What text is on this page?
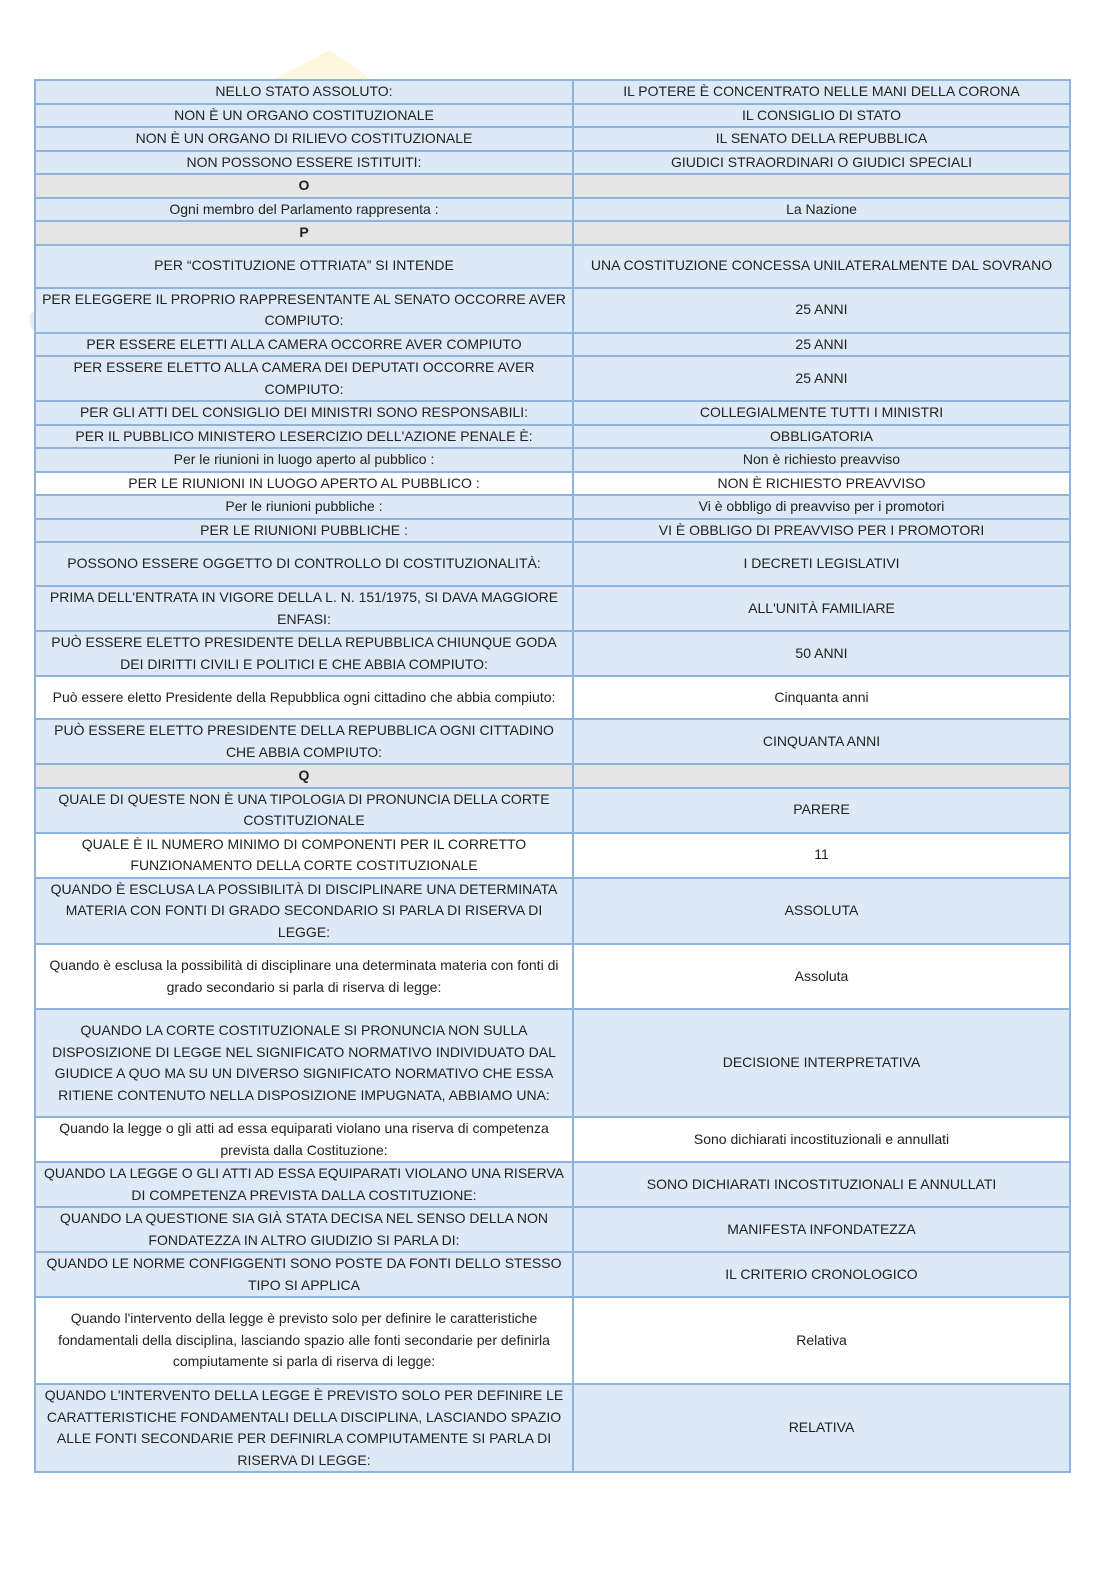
NELLO STATO ASSOLUTO:	IL POTERE È CONCENTRATO NELLE MANI DELLA CORONA
NON È UN ORGANO COSTITUZIONALE	IL CONSIGLIO DI STATO
NON È UN ORGANO DI RILIEVO COSTITUZIONALE	IL SENATO DELLA REPUBBLICA
NON POSSONO ESSERE ISTITUITI:	GIUDICI STRAORDINARI O GIUDICI SPECIALI
O	
Ogni membro del Parlamento rappresenta :	La Nazione
P	
PER “COSTITUZIONE OTTRIATA” SI INTENDE	UNA COSTITUZIONE CONCESSA UNILATERALMENTE DAL SOVRANO
PER ELEGGERE IL PROPRIO RAPPRESENTANTE AL SENATO OCCORRE AVER COMPIUTO:	25 ANNI
PER ESSERE ELETTI ALLA CAMERA OCCORRE AVER COMPIUTO	25 ANNI
PER ESSERE ELETTO ALLA CAMERA DEI DEPUTATI OCCORRE AVER COMPIUTO:	25 ANNI
PER GLI ATTI DEL CONSIGLIO DEI MINISTRI SONO RESPONSABILI:	COLLEGIALMENTE TUTTI I MINISTRI
PER IL PUBBLICO MINISTERO LESERCIZIO DELL'AZIONE PENALE È:	OBBLIGATORIA
Per le riunioni in luogo aperto al pubblico :	Non è richiesto preavviso
PER LE RIUNIONI IN LUOGO APERTO AL PUBBLICO :	NON È RICHIESTO PREAVVISO
Per le riunioni pubbliche :	Vi è obbligo di preavviso per i promotori
PER LE RIUNIONI PUBBLICHE :	VI È OBBLIGO DI PREAVVISO PER I PROMOTORI
POSSONO ESSERE OGGETTO DI CONTROLLO DI COSTITUZIONALITÀ:	I DECRETI LEGISLATIVI
PRIMA DELL'ENTRATA IN VIGORE DELLA L. N. 151/1975, SI DAVA MAGGIORE ENFASI:	ALL'UNITÀ FAMILIARE
PUÒ ESSERE ELETTO PRESIDENTE DELLA REPUBBLICA CHIUNQUE GODA DEI DIRITTI CIVILI E POLITICI E CHE ABBIA COMPIUTO:	50 ANNI
Può essere eletto Presidente della Repubblica ogni cittadino che abbia compiuto:	Cinquanta anni
PUÒ ESSERE ELETTO PRESIDENTE DELLA REPUBBLICA OGNI CITTADINO CHE ABBIA COMPIUTO:	CINQUANTA ANNI
Q	
QUALE DI QUESTE NON È UNA TIPOLOGIA DI PRONUNCIA DELLA CORTE COSTITUZIONALE	PARERE
QUALE È IL NUMERO MINIMO DI COMPONENTI PER IL CORRETTO FUNZIONAMENTO DELLA CORTE COSTITUZIONALE	11
QUANDO È ESCLUSA LA POSSIBILITÀ DI DISCIPLINARE UNA DETERMINATA MATERIA CON FONTI DI GRADO SECONDARIO SI PARLA DI RISERVA DI LEGGE:	ASSOLUTA
Quando è esclusa la possibilità di disciplinare una determinata materia con fonti di grado secondario si parla di riserva di legge:	Assoluta
QUANDO LA CORTE COSTITUZIONALE SI PRONUNCIA NON SULLA DISPOSIZIONE DI LEGGE NEL SIGNIFICATO NORMATIVO INDIVIDUATO DAL GIUDICE A QUO MA SU UN DIVERSO SIGNIFICATO NORMATIVO CHE ESSA RITIENE CONTENUTO NELLA DISPOSIZIONE IMPUGNATA, ABBIAMO UNA:	DECISIONE INTERPRETATIVA
Quando la legge o gli atti ad essa equiparati violano una riserva di competenza prevista dalla Costituzione:	Sono dichiarati incostituzionali e annullati
QUANDO LA LEGGE O GLI ATTI AD ESSA EQUIPARATI VIOLANO UNA RISERVA DI COMPETENZA PREVISTA DALLA COSTITUZIONE:	SONO DICHIARATI INCOSTITUZIONALI E ANNULLATI
QUANDO LA QUESTIONE SIA GIÀ STATA DECISA NEL SENSO DELLA NON FONDATEZZA IN ALTRO GIUDIZIO SI PARLA DI:	MANIFESTA INFONDATEZZA
QUANDO LE NORME CONFIGGENTI SONO POSTE DA FONTI DELLO STESSO TIPO SI APPLICA	IL CRITERIO CRONOLOGICO
Quando l'intervento della legge è previsto solo per definire le caratteristiche fondamentali della disciplina, lasciando spazio alle fonti secondarie per definirla compiutamente si parla di riserva di legge:	Relativa
QUANDO L'INTERVENTO DELLA LEGGE È PREVISTO SOLO PER DEFINIRE LE CARATTERISTICHE FONDAMENTALI DELLA DISCIPLINA, LASCIANDO SPAZIO ALLE FONTI SECONDARIE PER DEFINIRLA COMPIUTAMENTE SI PARLA DI RISERVA DI LEGGE:	RELATIVA
